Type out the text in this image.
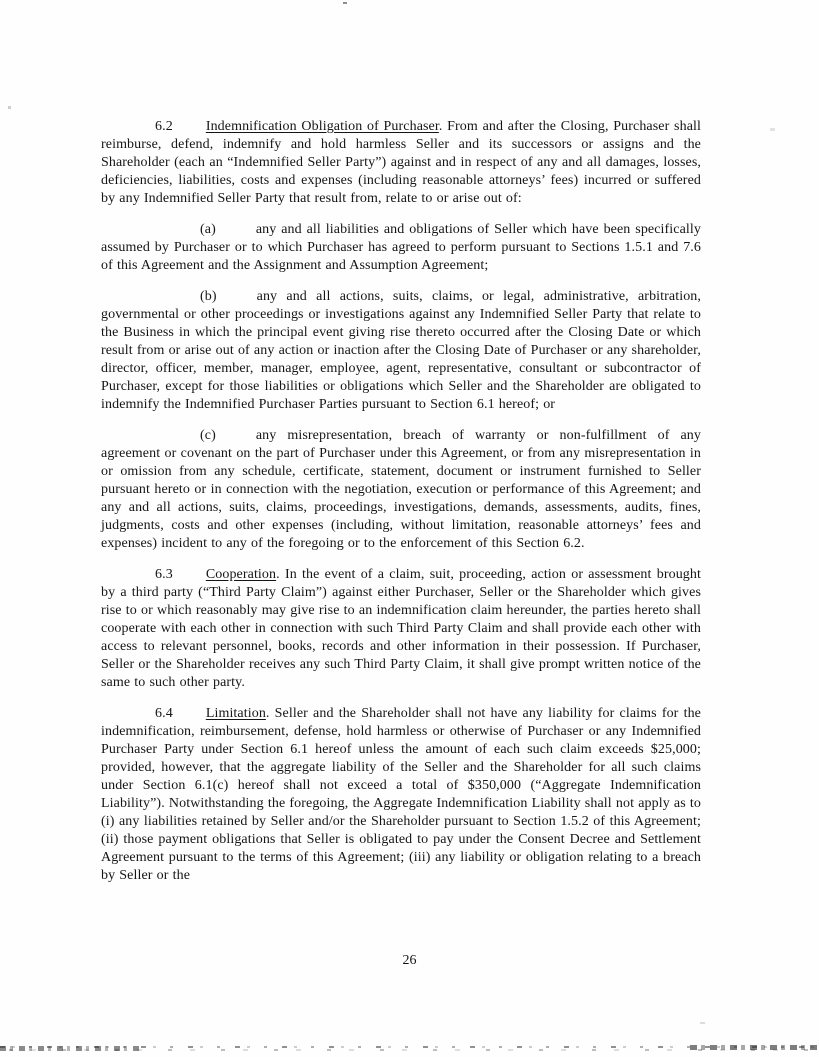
6.2 Indemnification Obligation of Purchaser. From and after the Closing, Purchaser shall reimburse, defend, indemnify and hold harmless Seller and its successors or assigns and the Shareholder (each an “Indemnified Seller Party”) against and in respect of any and all damages, losses, deficiencies, liabilities, costs and expenses (including reasonable attorneys’ fees) incurred or suffered by any Indemnified Seller Party that result from, relate to or arise out of:

(a)	any and all liabilities and obligations of Seller which have been specifically assumed by Purchaser or to which Purchaser has agreed to perform pursuant to Sections 1.5.1 and 7.6 of this Agreement and the Assignment and Assumption Agreement;

(b)	any and all actions, suits, claims, or legal, administrative, arbitration, governmental or other proceedings or investigations against any Indemnified Seller Party that relate to the Business in which the principal event giving rise thereto occurred after the Closing Date or which result from or arise out of any action or inaction after the Closing Date of Purchaser or any shareholder, director, officer, member, manager, employee, agent, representative, consultant or subcontractor of Purchaser, except for those liabilities or obligations which Seller and the Shareholder are obligated to indemnify the Indemnified Purchaser Parties pursuant to Section 6.1 hereof; or

(c)	any misrepresentation, breach of warranty or non-fulfillment of any agreement or covenant on the part of Purchaser under this Agreement, or from any misrepresentation in or omission from any schedule, certificate, statement, document or instrument furnished to Seller pursuant hereto or in connection with the negotiation, execution or performance of this Agreement; and any and all actions, suits, claims, proceedings, investigations, demands, assessments, audits, fines, judgments, costs and other expenses (including, without limitation, reasonable attorneys’ fees and expenses) incident to any of the foregoing or to the enforcement of this Section 6.2.

6.3 Cooperation. In the event of a claim, suit, proceeding, action or assessment brought by a third party (“Third Party Claim”) against either Purchaser, Seller or the Shareholder which gives rise to or which reasonably may give rise to an indemnification claim hereunder, the parties hereto shall cooperate with each other in connection with such Third Party Claim and shall provide each other with access to relevant personnel, books, records and other information in their possession. If Purchaser, Seller or the Shareholder receives any such Third Party Claim, it shall give prompt written notice of the same to such other party.

6.4 Limitation. Seller and the Shareholder shall not have any liability for claims for the indemnification, reimbursement, defense, hold harmless or otherwise of Purchaser or any Indemnified Purchaser Party under Section 6.1 hereof unless the amount of each such claim exceeds $25,000; provided, however, that the aggregate liability of the Seller and the Shareholder for all such claims under Section 6.1(c) hereof shall not exceed a total of $350,000 (“Aggregate Indemnification Liability”). Notwithstanding the foregoing, the Aggregate Indemnification Liability shall not apply as to (i) any liabilities retained by Seller and/or the Shareholder pursuant to Section 1.5.2 of this Agreement; (ii) those payment obligations that Seller is obligated to pay under the Consent Decree and Settlement Agreement pursuant to the terms of this Agreement; (iii) any liability or obligation relating to a breach by Seller or the

26
